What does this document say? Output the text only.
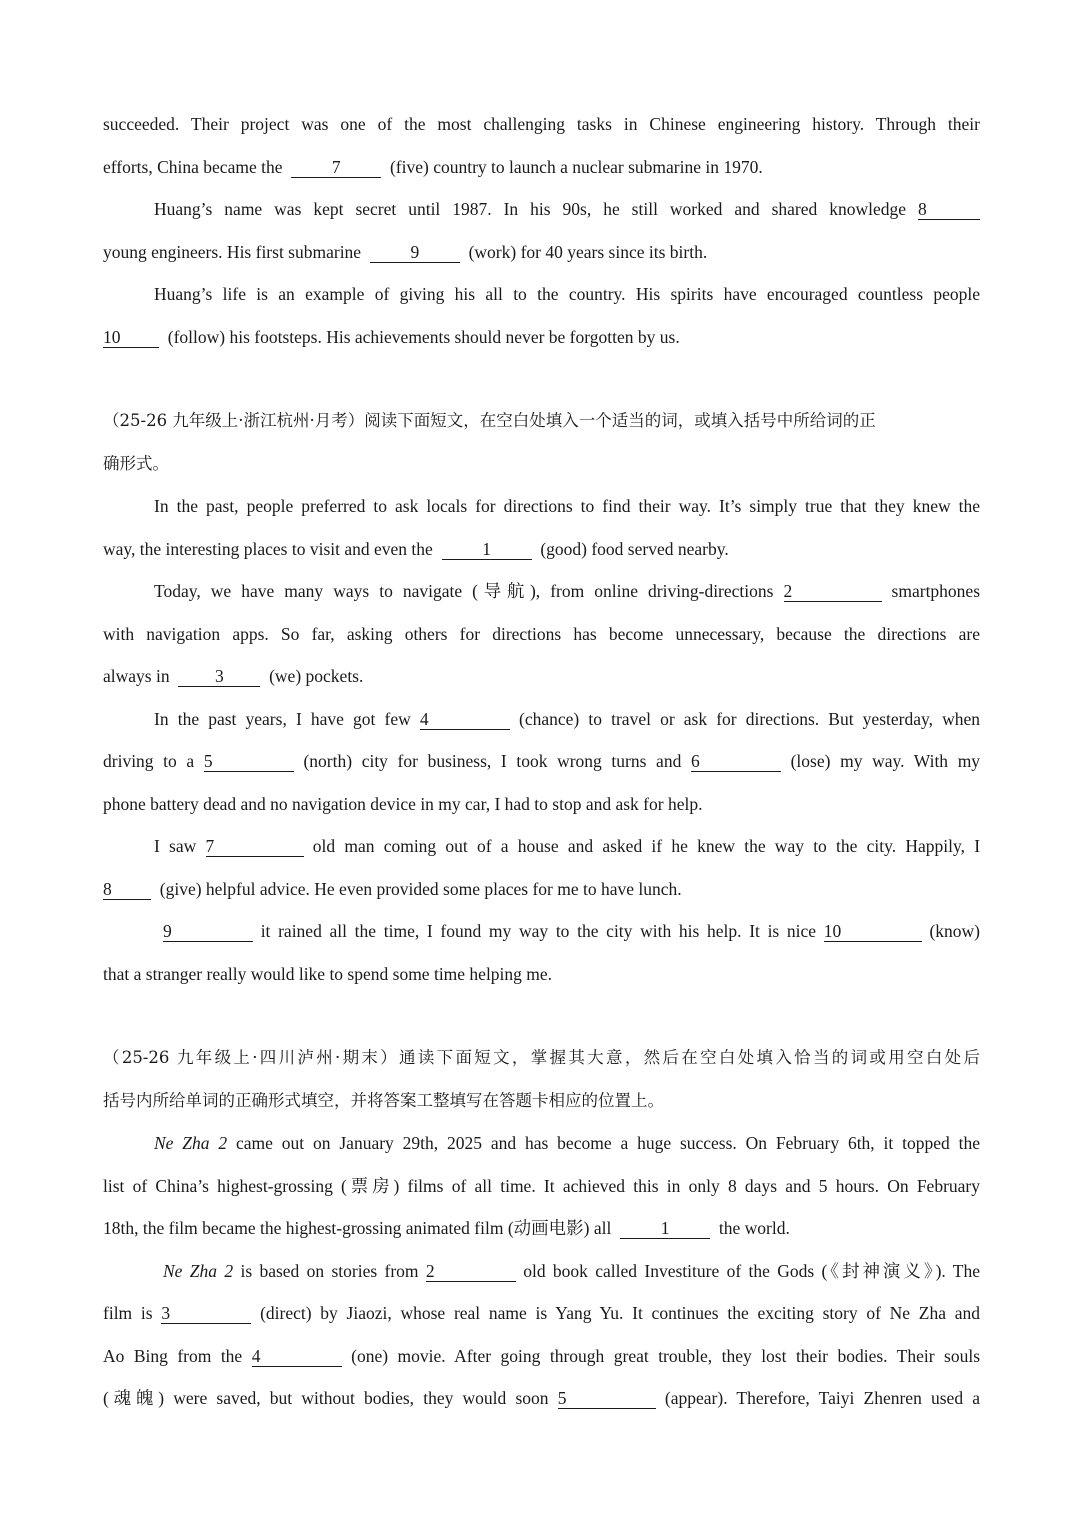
succeeded. Their project was one of the most challenging tasks in Chinese engineering history. Through their
efforts, China became the	7	(five) country to launch a nuclear submarine in 1970.
Huang’s name was kept secret until 1987. In his 90s, he still worked and shared knowledge 8
young engineers. His first submarine	9	(work) for 40 years since its birth.
Huang’s life is an example of giving his all to the country. His spirits have encouraged countless people
10	(follow) his footsteps. His achievements should never be forgotten by us.
（25-26 九年级上·浙江杭州·月考）阅读下面短文，在空白处填入一个适当的词，或填入括号中所给词的正
确形式。
In the past, people preferred to ask locals for directions to find their way. It’s simply true that they knew the
way, the interesting places to visit and even the	1	(good) food served nearby.
Today, we have many ways to navigate (导航), from online driving-directions 2	smartphones
with navigation apps. So far, asking others for directions has become unnecessary, because the directions are
always in	3	(we) pockets.
In the past years, I have got few 4	(chance) to travel or ask for directions. But yesterday, when
driving to a 5	(north) city for business, I took wrong turns and 6	(lose) my way. With my
phone battery dead and no navigation device in my car, I had to stop and ask for help.
I saw 7	old man coming out of a house and asked if he knew the way to the city. Happily, I
8	(give) helpful advice. He even provided some places for me to have lunch.
9	it rained all the time, I found my way to the city with his help. It is nice 10	(know)
that a stranger really would like to spend some time helping me.
（25-26 九年级上·四川泸州·期末）通读下面短文，掌握其大意，然后在空白处填入恰当的词或用空白处后
括号内所给单词的正确形式填空，并将答案工整填写在答题卡相应的位置上。
Ne Zha 2 came out on January 29th, 2025 and has become a huge success. On February 6th, it topped the
list of China’s highest-grossing (票房) films of all time. It achieved this in only 8 days and 5 hours. On February
18th, the film became the highest-grossing animated film (动画电影) all	1	the world.
Ne Zha 2 is based on stories from 2	old book called Investiture of the Gods (《封神演义》). The
film is 3	(direct) by Jiaozi, whose real name is Yang Yu. It continues the exciting story of Ne Zha and
Ao Bing from the 4	(one) movie. After going through great trouble, they lost their bodies. Their souls
(魂魄) were saved, but without bodies, they would soon 5	(appear). Therefore, Taiyi Zhenren used a
